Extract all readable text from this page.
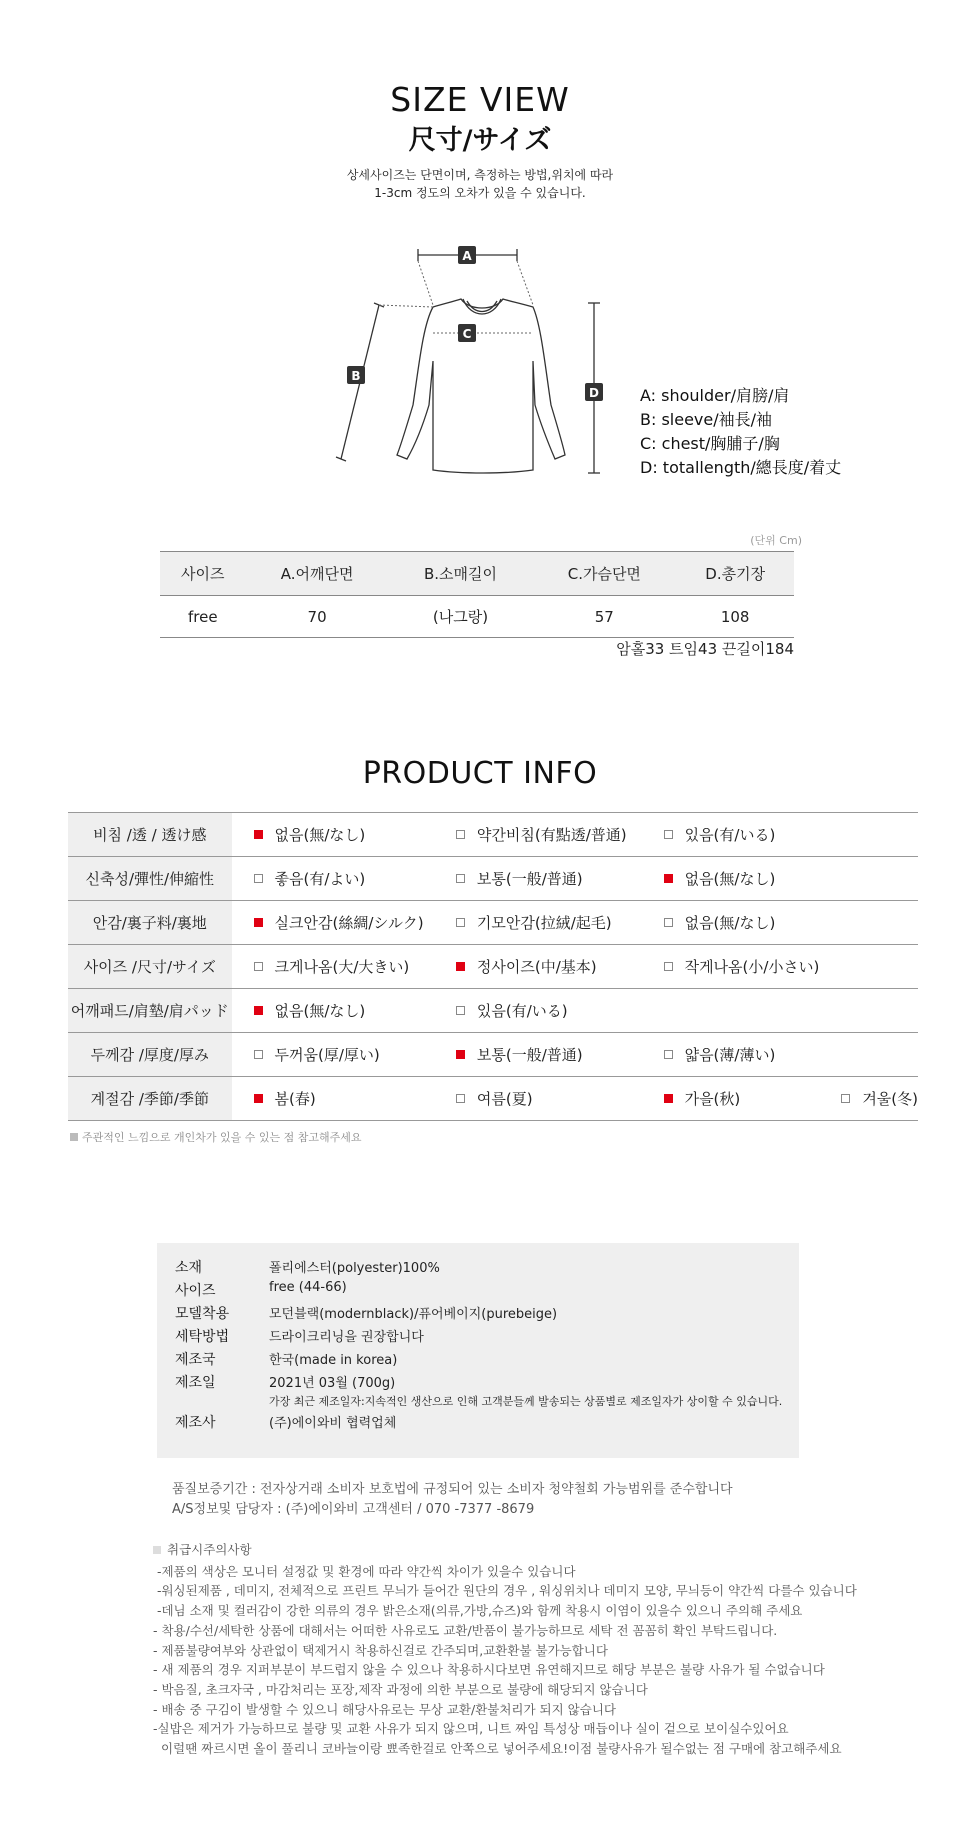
SIZE VIEW
尺寸/サイズ
상세사이즈는 단면이며, 측정하는 방법,위치에 따라
1-3cm 정도의 오차가 있을 수 있습니다.
A
C
B
D	A: shoulder/肩膀/肩
B: sleeve/袖長/袖
C: chest/胸脯子/胸
D: totallength/總長度/着丈
(단위 Cm)
사이즈	A.어깨단면	B.소매길이	C.가슴단면	D.총기장
free	70	(나그랑)	57	108
암홀33 트임43 끈길이184
PRODUCT INFO
비침 /透 / 透け感	없음(無/なし)	약간비침(有點透/普通)	있음(有/いる)	
신축성/彈性/伸縮性	좋음(有/よい)	보통(一般/普通)	없음(無/なし)	
안감/裏子料/裏地	실크안감(絲綢/シルク)	기모안감(拉絨/起毛)	없음(無/なし)	
사이즈 /尺寸/サイズ	크게나옴(大/大きい)	정사이즈(中/基本)	작게나옴(小/小さい)	
어깨패드/肩墊/肩パッド	없음(無/なし)	있음(有/いる)		
두께감 /厚度/厚み	두꺼움(厚/厚い)	보통(一般/普通)	얇음(薄/薄い)	
계절감 /季節/季節	봄(春)	여름(夏)	가을(秋)	겨울(冬)
주관적인 느낌으로 개인차가 있을 수 있는 점 참고해주세요
소재	폴리에스터(polyester)100%
사이즈	free (44-66)
모델착용	모던블랙(modernblack)/퓨어베이지(purebeige)
세탁방법	드라이크리닝을 권장합니다
제조국	한국(made in korea)
제조일	2021년 03월 (700g)
가장 최근 제조일자:지속적인 생산으로 인해 고객분들께 발송되는 상품별로 제조일자가 상이할 수 있습니다.
제조사	(주)에이와비 협력업체
품질보증기간 : 전자상거래 소비자 보호법에 규정되어 있는 소비자 청약철회 가능범위를 준수합니다
A/S정보및 담당자 : (주)에이와비 고객센터 / 070 -7377 -8679
취급시주의사항
-제품의 색상은 모니터 설정값 및 환경에 따라 약간씩 차이가 있을수 있습니다
-워싱된제품 , 데미지, 전체적으로 프린트 무늬가 들어간 원단의 경우 , 워싱위치나 데미지 모양, 무늬등이 약간씩 다를수 있습니다
-데님 소재 및 컬러감이 강한 의류의 경우 밝은소재(의류,가방,슈즈)와 함께 착용시 이염이 있을수 있으니 주의해 주세요
- 착용/수선/세탁한 상품에 대해서는 어떠한 사유로도 교환/반품이 불가능하므로 세탁 전 꼼꼼히 확인 부탁드립니다.
- 제품불량여부와 상관없이 택제거시 착용하신걸로 간주되며,교환환불 불가능합니다
- 새 제품의 경우 지퍼부분이 부드럽지 않을 수 있으나 착용하시다보면 유연해지므로 해당 부분은 불량 사유가 될 수없습니다
- 박음질, 초크자국 , 마감처리는 포장,제작 과정에 의한 부분으로 불량에 해당되지 않습니다
- 배송 중 구김이 발생할 수 있으니 해당사유로는 무상 교환/환불처리가 되지 않습니다
-실밥은 제거가 가능하므로 불량 및 교환 사유가 되지 않으며, 니트 짜임 특성상 매듭이나 실이 겉으로 보이실수있어요
이럴땐 짜르시면 올이 풀리니 코바늘이랑 뾰족한걸로 안쪽으로 넣어주세요!이점 불량사유가 될수없는 점 구매에 참고해주세요
